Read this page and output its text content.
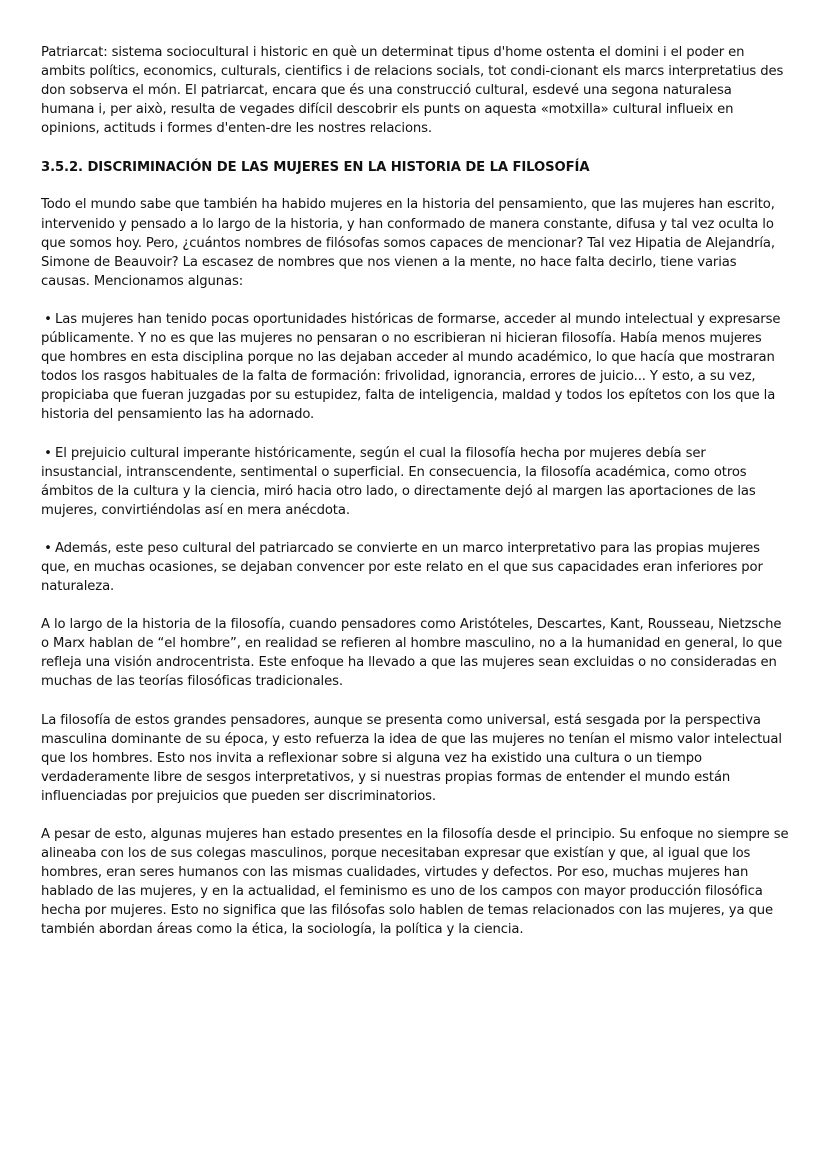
Patriarcat: sistema sociocultural i historic en què un determinat tipus d'home ostenta el domini i el poder en ambits polítics, economics, culturals, cientifics i de relacions socials, tot condi-cionant els marcs interpretatius des don sobserva el món. El patriarcat, encara que és una construcció cultural, esdevé una segona naturalesa humana i, per això, resulta de vegades difícil descobrir els punts on aquesta «motxilla» cultural influeix en opinions, actituds i formes d'enten-dre les nostres relacions.

3.5.2. DISCRIMINACIÓN DE LAS MUJERES EN LA HISTORIA DE LA FILOSOFÍA

Todo el mundo sabe que también ha habido mujeres en la historia del pensamiento, que las mujeres han escrito, intervenido y pensado a lo largo de la historia, y han conformado de manera constante, difusa y tal vez oculta lo que somos hoy. Pero, ¿cuántos nombres de filósofas somos capaces de mencionar? Tal vez Hipatia de Alejandría, Simone de Beauvoir? La escasez de nombres que nos vienen a la mente, no hace falta decirlo, tiene varias causas. Mencionamos algunas:

• Las mujeres han tenido pocas oportunidades históricas de formarse, acceder al mundo intelectual y expresarse públicamente. Y no es que las mujeres no pensaran o no escribieran ni hicieran filosofía. Había menos mujeres que hombres en esta disciplina porque no las dejaban acceder al mundo académico, lo que hacía que mostraran todos los rasgos habituales de la falta de formación: frivolidad, ignorancia, errores de juicio... Y esto, a su vez, propiciaba que fueran juzgadas por su estupidez, falta de inteligencia, maldad y todos los epítetos con los que la historia del pensamiento las ha adornado.

• El prejuicio cultural imperante históricamente, según el cual la filosofía hecha por mujeres debía ser insustancial, intranscendente, sentimental o superficial. En consecuencia, la filosofía académica, como otros ámbitos de la cultura y la ciencia, miró hacia otro lado, o directamente dejó al margen las aportaciones de las mujeres, convirtiéndolas así en mera anécdota.

• Además, este peso cultural del patriarcado se convierte en un marco interpretativo para las propias mujeres que, en muchas ocasiones, se dejaban convencer por este relato en el que sus capacidades eran inferiores por naturaleza.

A lo largo de la historia de la filosofía, cuando pensadores como Aristóteles, Descartes, Kant, Rousseau, Nietzsche o Marx hablan de “el hombre”, en realidad se refieren al hombre masculino, no a la humanidad en general, lo que refleja una visión androcentrista. Este enfoque ha llevado a que las mujeres sean excluidas o no consideradas en muchas de las teorías filosóficas tradicionales.

La filosofía de estos grandes pensadores, aunque se presenta como universal, está sesgada por la perspectiva masculina dominante de su época, y esto refuerza la idea de que las mujeres no tenían el mismo valor intelectual que los hombres. Esto nos invita a reflexionar sobre si alguna vez ha existido una cultura o un tiempo verdaderamente libre de sesgos interpretativos, y si nuestras propias formas de entender el mundo están influenciadas por prejuicios que pueden ser discriminatorios.

A pesar de esto, algunas mujeres han estado presentes en la filosofía desde el principio. Su enfoque no siempre se alineaba con los de sus colegas masculinos, porque necesitaban expresar que existían y que, al igual que los hombres, eran seres humanos con las mismas cualidades, virtudes y defectos. Por eso, muchas mujeres han hablado de las mujeres, y en la actualidad, el feminismo es uno de los campos con mayor producción filosófica hecha por mujeres. Esto no significa que las filósofas solo hablen de temas relacionados con las mujeres, ya que también abordan áreas como la ética, la sociología, la política y la ciencia.
